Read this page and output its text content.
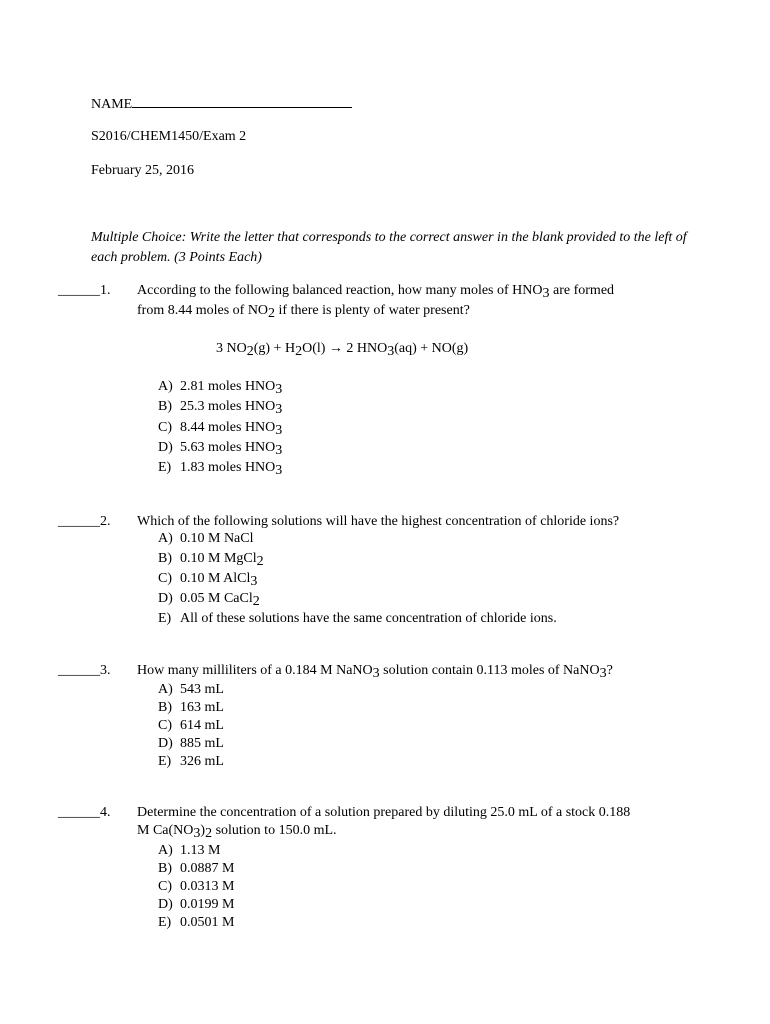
NAME
S2016/CHEM1450/Exam 2
February 25, 2016
Multiple Choice: Write the letter that corresponds to the correct answer in the blank provided to the left of each problem. (3 Points Each)
______1. According to the following balanced reaction, how many moles of HNO3 are formed
from 8.44 moles of NO2 if there is plenty of water present?
3 NO2(g) + H2O(l) → 2 HNO3(aq) + NO(g)
A) 2.81 moles HNO3
B) 25.3 moles HNO3
C) 8.44 moles HNO3
D) 5.63 moles HNO3
E) 1.83 moles HNO3
______2. Which of the following solutions will have the highest concentration of chloride ions?
A) 0.10 M NaCl
B) 0.10 M MgCl2
C) 0.10 M AlCl3
D) 0.05 M CaCl2
E) All of these solutions have the same concentration of chloride ions.
______3. How many milliliters of a 0.184 M NaNO3 solution contain 0.113 moles of NaNO3?
A) 543 mL
B) 163 mL
C) 614 mL
D) 885 mL
E) 326 mL
______4. Determine the concentration of a solution prepared by diluting 25.0 mL of a stock 0.188
M Ca(NO3)2 solution to 150.0 mL.
A) 1.13 M
B) 0.0887 M
C) 0.0313 M
D) 0.0199 M
E) 0.0501 M
